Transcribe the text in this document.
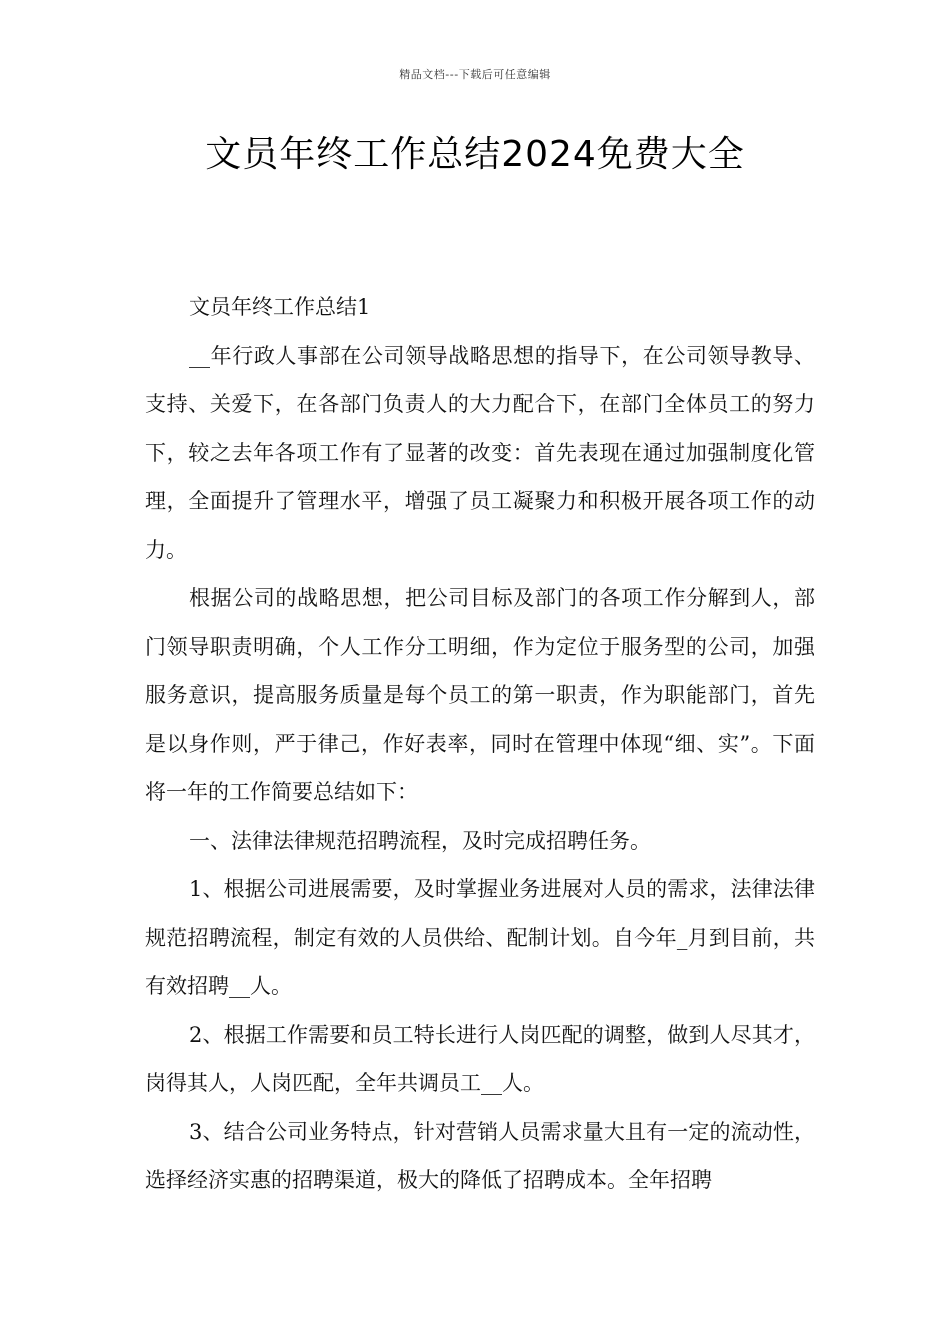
精品文档---下载后可任意编辑
文员年终工作总结2024免费大全

文员年终工作总结1

__年行政人事部在公司领导战略思想的指导下，在公司领导教导、支持、关爱下，在各部门负责人的大力配合下，在部门全体员工的努力下，较之去年各项工作有了显著的改变：首先表现在通过加强制度化管理，全面提升了管理水平，增强了员工凝聚力和积极开展各项工作的动力。

根据公司的战略思想，把公司目标及部门的各项工作分解到人，部门领导职责明确，个人工作分工明细，作为定位于服务型的公司，加强服务意识，提高服务质量是每个员工的第一职责，作为职能部门，首先是以身作则，严于律己，作好表率，同时在管理中体现“细、实”。下面将一年的工作简要总结如下：

一、法律法律规范招聘流程，及时完成招聘任务。

1、根据公司进展需要，及时掌握业务进展对人员的需求，法律法律规范招聘流程，制定有效的人员供给、配制计划。自今年_月到目前，共有效招聘__人。

2、根据工作需要和员工特长进行人岗匹配的调整，做到人尽其才，岗得其人，人岗匹配，全年共调员工__人。

3、结合公司业务特点，针对营销人员需求量大且有一定的流动性，选择经济实惠的招聘渠道，极大的降低了招聘成本。全年招聘
